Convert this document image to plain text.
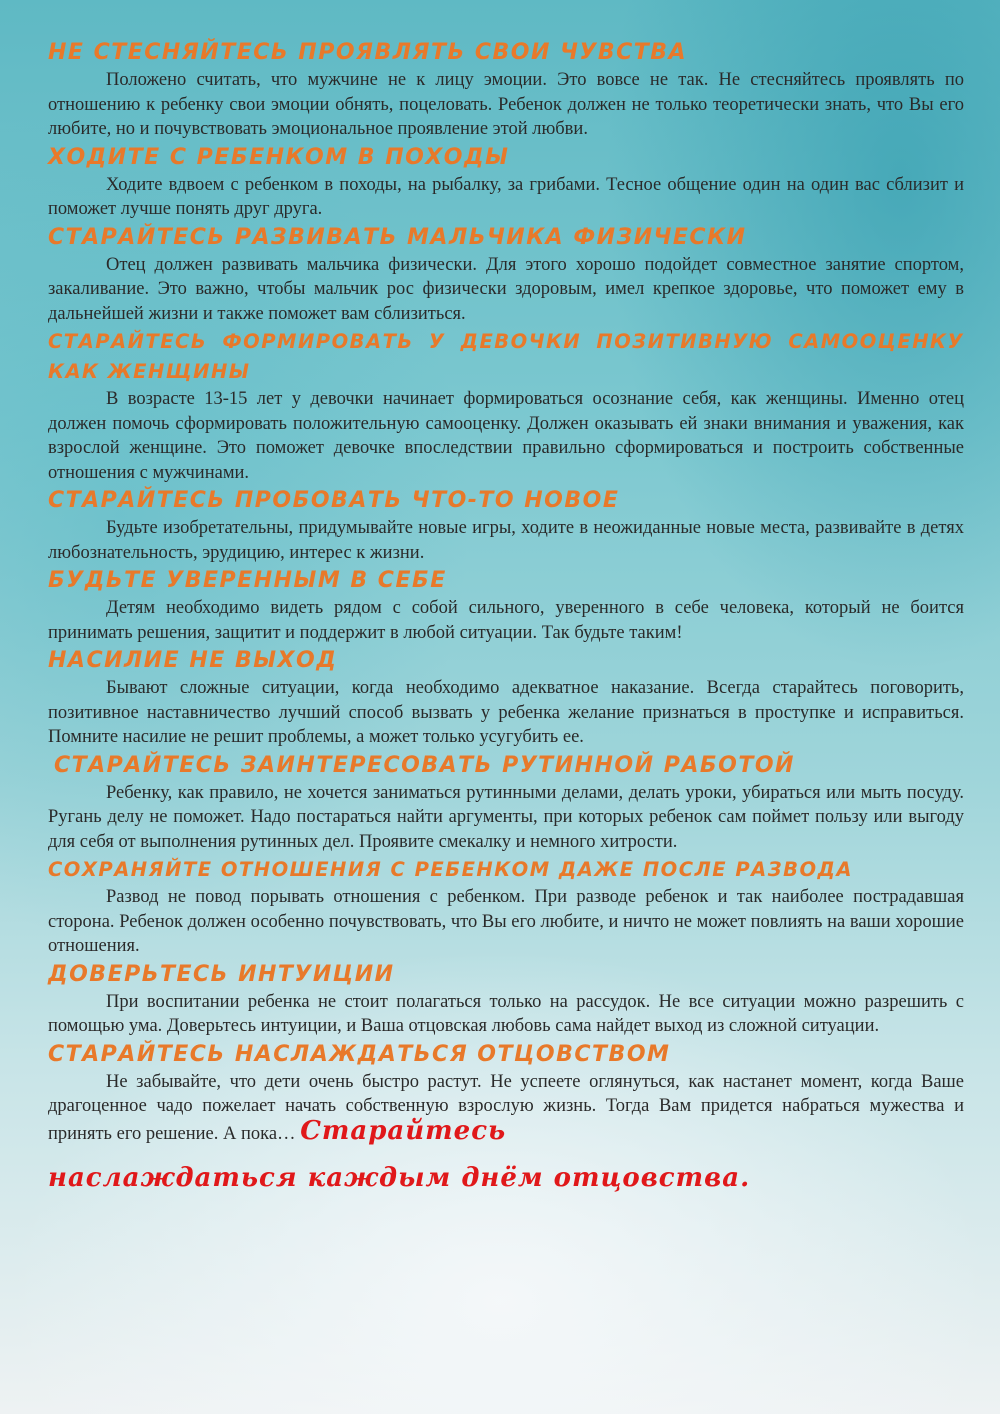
НЕ СТЕСНЯЙТЕСЬ ПРОЯВЛЯТЬ СВОИ ЧУВСТВА

Положено считать, что мужчине не к лицу эмоции. Это вовсе не так. Не стесняйтесь проявлять по отношению к ребенку свои эмоции обнять, поцеловать. Ребенок должен не только теоретически знать, что Вы его любите, но и почувствовать эмоциональное проявление этой любви.

ХОДИТЕ С РЕБЕНКОМ В ПОХОДЫ

Ходите вдвоем с ребенком в походы, на рыбалку, за грибами. Тесное общение один на один вас сблизит и поможет лучше понять друг друга.

СТАРАЙТЕСЬ РАЗВИВАТЬ МАЛЬЧИКА ФИЗИЧЕСКИ

Отец должен развивать мальчика физически. Для этого хорошо подойдет совместное занятие спортом, закаливание. Это важно, чтобы мальчик рос физически здоровым, имел крепкое здоровье, что поможет ему в дальнейшей жизни и также поможет вам сблизиться.

СТАРАЙТЕСЬ ФОРМИРОВАТЬ У ДЕВОЧКИ ПОЗИТИВНУЮ САМООЦЕНКУ
КАК ЖЕНЩИНЫ

В возрасте 13-15 лет у девочки начинает формироваться осознание себя, как женщины. Именно отец должен помочь сформировать положительную самооценку. Должен оказывать ей знаки внимания и уважения, как взрослой женщине. Это поможет девочке впоследствии правильно сформироваться и построить собственные отношения с мужчинами.

СТАРАЙТЕСЬ ПРОБОВАТЬ ЧТО-ТО НОВОЕ

Будьте изобретательны, придумывайте новые игры, ходите в неожиданные новые места, развивайте в детях любознательность, эрудицию, интерес к жизни.

БУДЬТЕ УВЕРЕННЫМ В СЕБЕ

Детям необходимо видеть рядом с собой сильного, уверенного в себе человека, который не боится принимать решения, защитит и поддержит в любой ситуации. Так будьте таким!

НАСИЛИЕ НЕ ВЫХОД

Бывают сложные ситуации, когда необходимо адекватное наказание. Всегда старайтесь поговорить, позитивное наставничество лучший способ вызвать у ребенка желание признаться в проступке и исправиться. Помните насилие не решит проблемы, а может только усугубить ее.

СТАРАЙТЕСЬ ЗАИНТЕРЕСОВАТЬ РУТИННОЙ РАБОТОЙ

Ребенку, как правило, не хочется заниматься рутинными делами, делать уроки, убираться или мыть посуду. Ругань делу не поможет. Надо постараться найти аргументы, при которых ребенок сам поймет пользу или выгоду для себя от выполнения рутинных дел. Проявите смекалку и немного хитрости.

СОХРАНЯЙТЕ ОТНОШЕНИЯ С РЕБЕНКОМ ДАЖЕ ПОСЛЕ РАЗВОДА

Развод не повод порывать отношения с ребенком. При разводе ребенок и так наиболее пострадавшая сторона. Ребенок должен особенно почувствовать, что Вы его любите, и ничто не может повлиять на ваши хорошие отношения.

ДОВЕРЬТЕСЬ ИНТУИЦИИ

При воспитании ребенка не стоит полагаться только на рассудок. Не все ситуации можно разрешить с помощью ума. Доверьтесь интуиции, и Ваша отцовская любовь сама найдет выход из сложной ситуации.

СТАРАЙТЕСЬ НАСЛАЖДАТЬСЯ ОТЦОВСТВОМ

Не забывайте, что дети очень быстро растут. Не успеете оглянуться, как настанет момент, когда Ваше драгоценное чадо пожелает начать собственную взрослую жизнь. Тогда Вам придется набраться мужества и принять его решение. А пока… Старайтесь
наслаждаться каждым днём отцовства.
